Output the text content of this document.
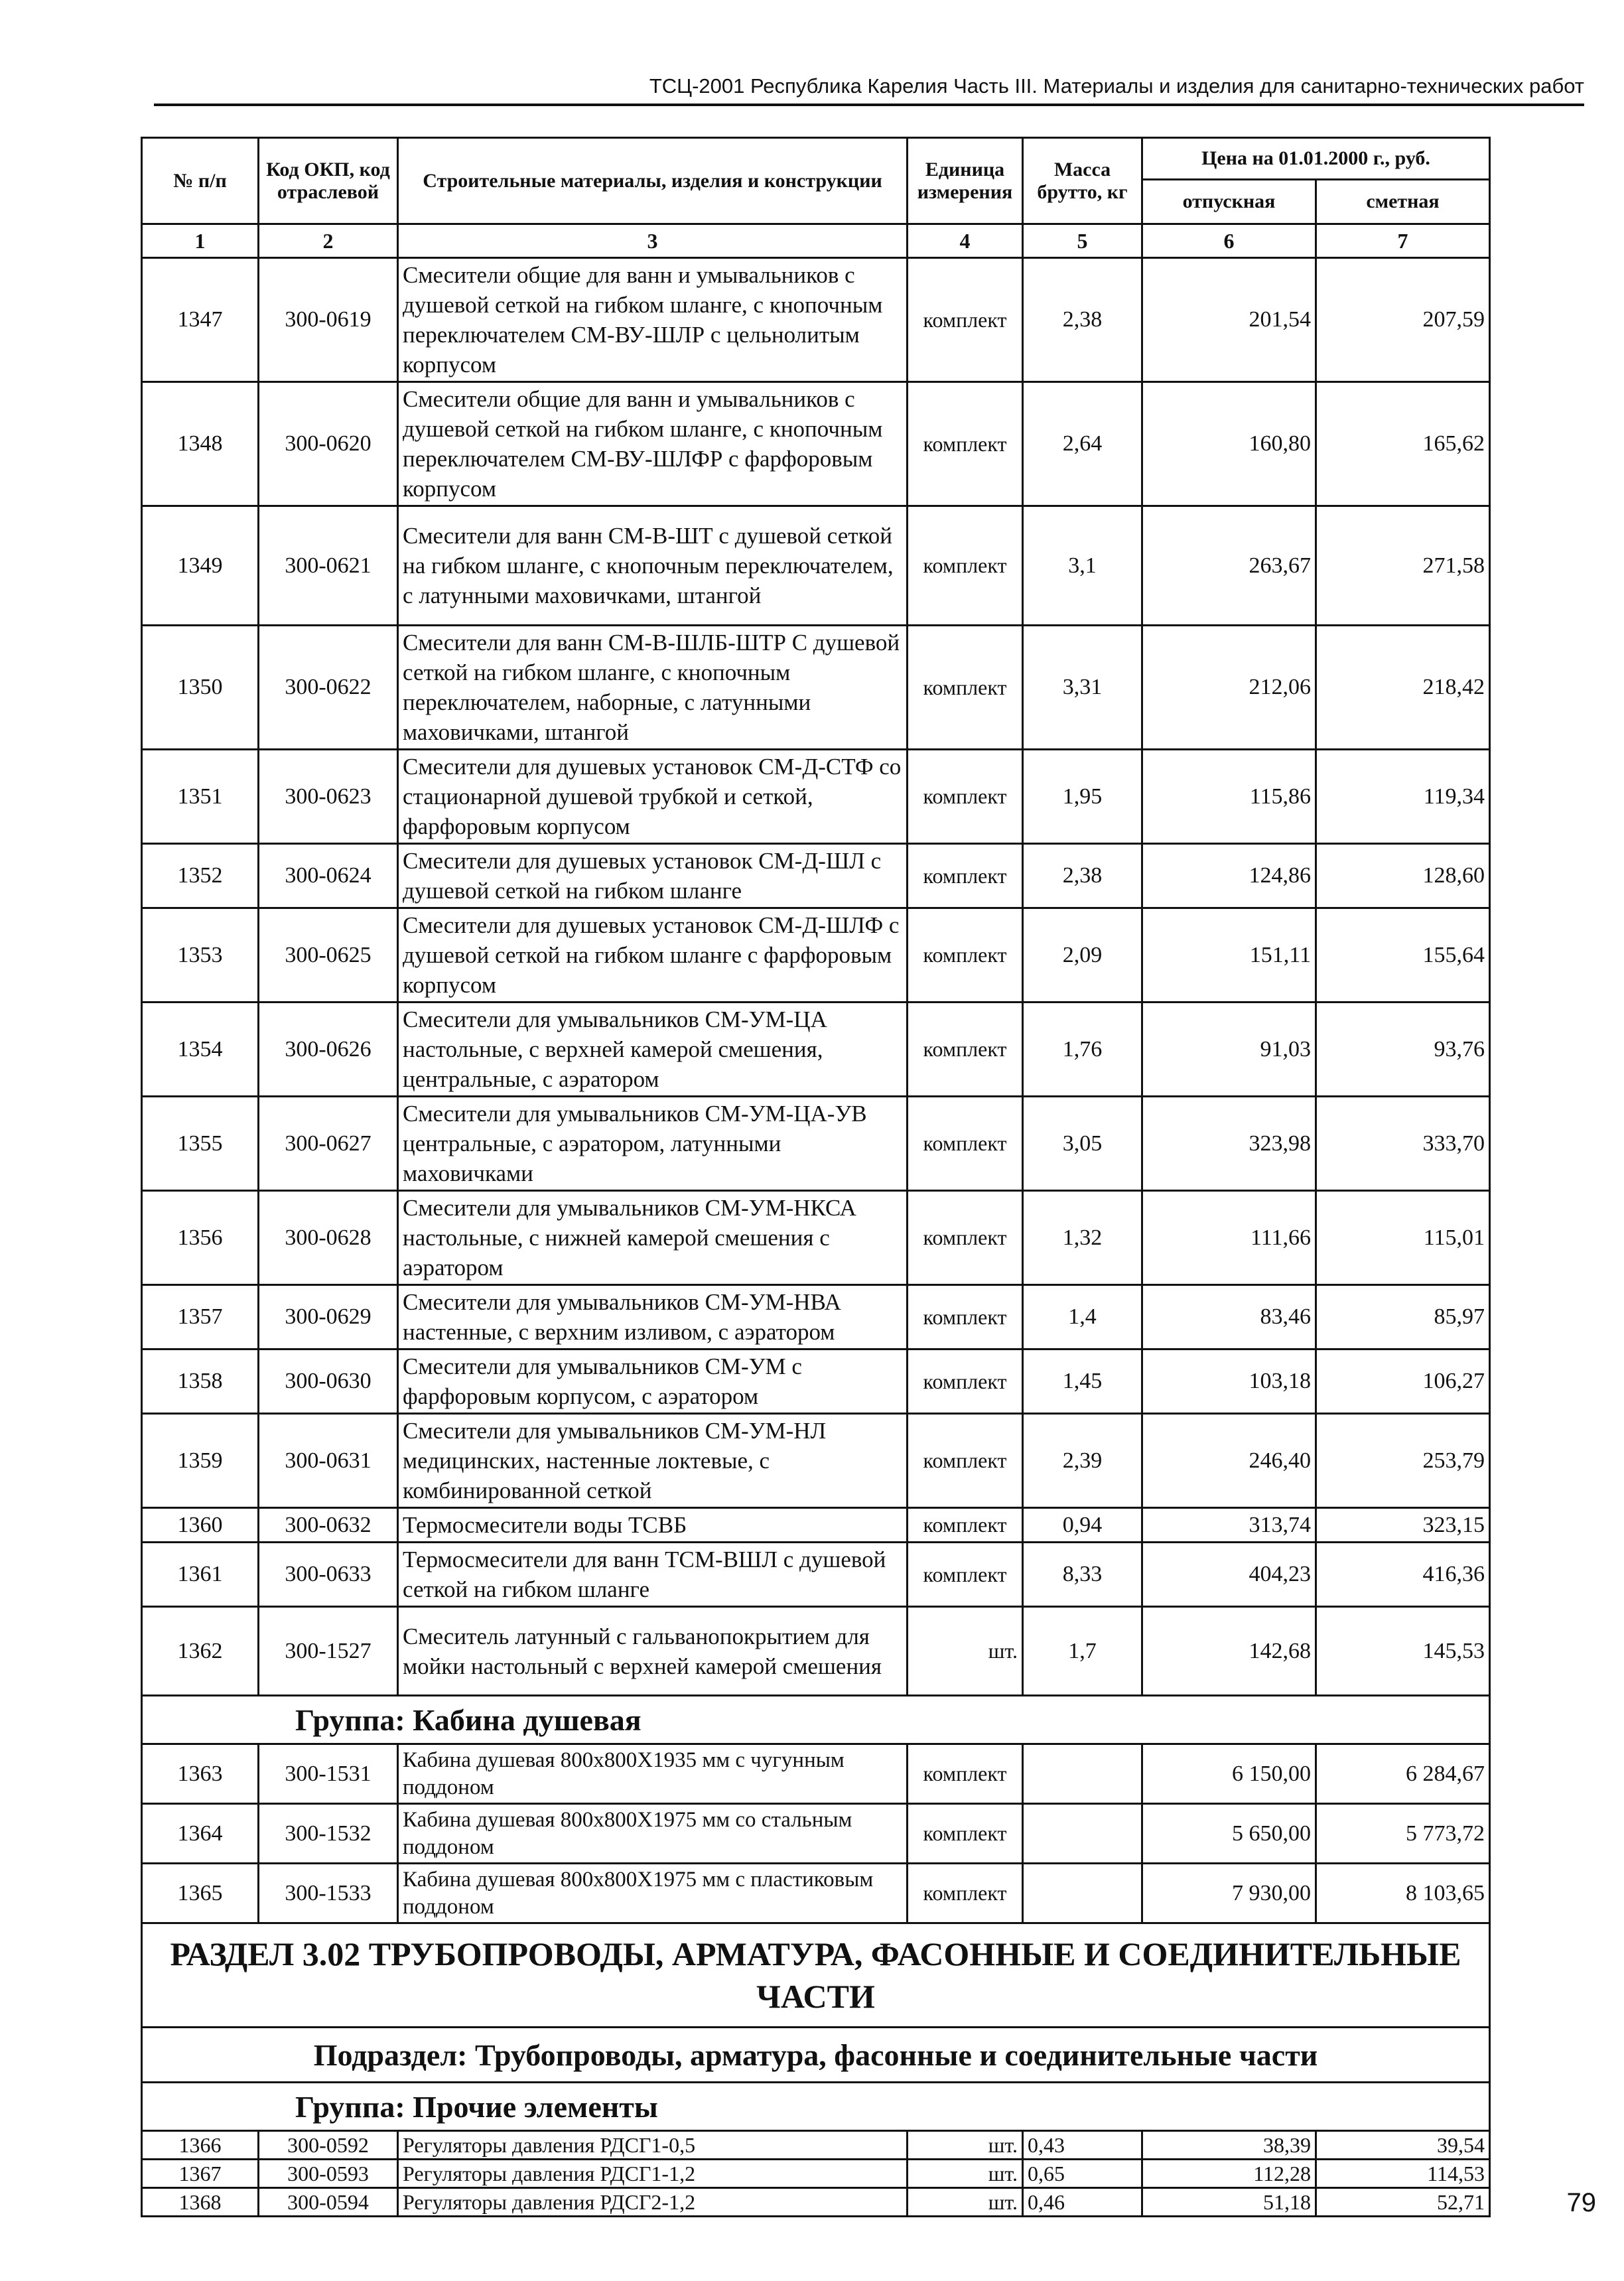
ТСЦ-2001 Республика Карелия Часть III. Материалы и изделия для санитарно-технических работ
№ п/п	Код ОКП, код отраслевой	Строительные материалы, изделия и конструкции	Единица измерения	Масса брутто, кг	Цена на 01.01.2000 г., руб.	
					отпускная	сметная
1	2	3	4	5	6	7
1347	300-0619	Смесители общие для ванн и умывальников с душевой сеткой на гибком шланге, с кнопочным переключателем СМ-ВУ-ШЛР с цельнолитым корпусом	комплект	2,38	201,54	207,59
1348	300-0620	Смесители общие для ванн и умывальников с душевой сеткой на гибком шланге, с кнопочным переключателем СМ-ВУ-ШЛФР с фарфоровым корпусом	комплект	2,64	160,80	165,62
1349	300-0621	Смесители для ванн СМ-В-ШТ с душевой сеткой на гибком шланге, с кнопочным переключателем, с латунными маховичками, штангой	комплект	3,1	263,67	271,58
1350	300-0622	Смесители для ванн СМ-В-ШЛБ-ШТР С душевой сеткой на гибком шланге, с кнопочным переключателем, наборные, с латунными маховичками, штангой	комплект	3,31	212,06	218,42
1351	300-0623	Смесители для душевых установок СМ-Д-СТФ со стационарной душевой трубкой и сеткой, фарфоровым корпусом	комплект	1,95	115,86	119,34
1352	300-0624	Смесители для душевых установок СМ-Д-ШЛ с душевой сеткой на гибком шланге	комплект	2,38	124,86	128,60
1353	300-0625	Смесители для душевых установок СМ-Д-ШЛФ с душевой сеткой на гибком шланге с фарфоровым корпусом	комплект	2,09	151,11	155,64
1354	300-0626	Смесители для умывальников СМ-УМ-ЦА настольные, с верхней камерой смешения, центральные, с аэратором	комплект	1,76	91,03	93,76
1355	300-0627	Смесители для умывальников СМ-УМ-ЦА-УВ центральные, с аэратором, латунными маховичками	комплект	3,05	323,98	333,70
1356	300-0628	Смесители для умывальников СМ-УМ-НКСА настольные, с нижней камерой смешения с аэратором	комплект	1,32	111,66	115,01
1357	300-0629	Смесители для умывальников СМ-УМ-НВА настенные, с верхним изливом, с аэратором	комплект	1,4	83,46	85,97
1358	300-0630	Смесители для умывальников СМ-УМ с фарфоровым корпусом, с аэратором	комплект	1,45	103,18	106,27
1359	300-0631	Смесители для умывальников СМ-УМ-НЛ медицинских, настенные локтевые, с комбинированной сеткой	комплект	2,39	246,40	253,79
1360	300-0632	Термосмесители воды ТСВБ	комплект	0,94	313,74	323,15
1361	300-0633	Термосмесители для ванн ТСМ-ВШЛ с душевой сеткой на гибком шланге	комплект	8,33	404,23	416,36
1362	300-1527	Смеситель латунный с гальванопокрытием для мойки настольный с верхней камерой смешения	шт.	1,7	142,68	145,53
Группа: Кабина душевая						
1363	300-1531	Кабина душевая 800x800X1935 мм с чугунным поддоном	комплект		6 150,00	6 284,67
1364	300-1532	Кабина душевая 800x800X1975 мм со стальным поддоном	комплект		5 650,00	5 773,72
1365	300-1533	Кабина душевая 800x800X1975 мм с пластиковым поддоном	комплект		7 930,00	8 103,65
РАЗДЕЛ 3.02 ТРУБОПРОВОДЫ, АРМАТУРА, ФАСОННЫЕ И СОЕДИНИТЕЛЬНЫЕ ЧАСТИ						
Подраздел: Трубопроводы, арматура, фасонные и соединительные части						
Группа: Прочие элементы						
1366	300-0592	Регуляторы давления РДСГ1-0,5	шт.	0,43	38,39	39,54
1367	300-0593	Регуляторы давления РДСГ1-1,2	шт.	0,65	112,28	114,53
1368	300-0594	Регуляторы давления РДСГ2-1,2	шт.	0,46	51,18	52,71	79
